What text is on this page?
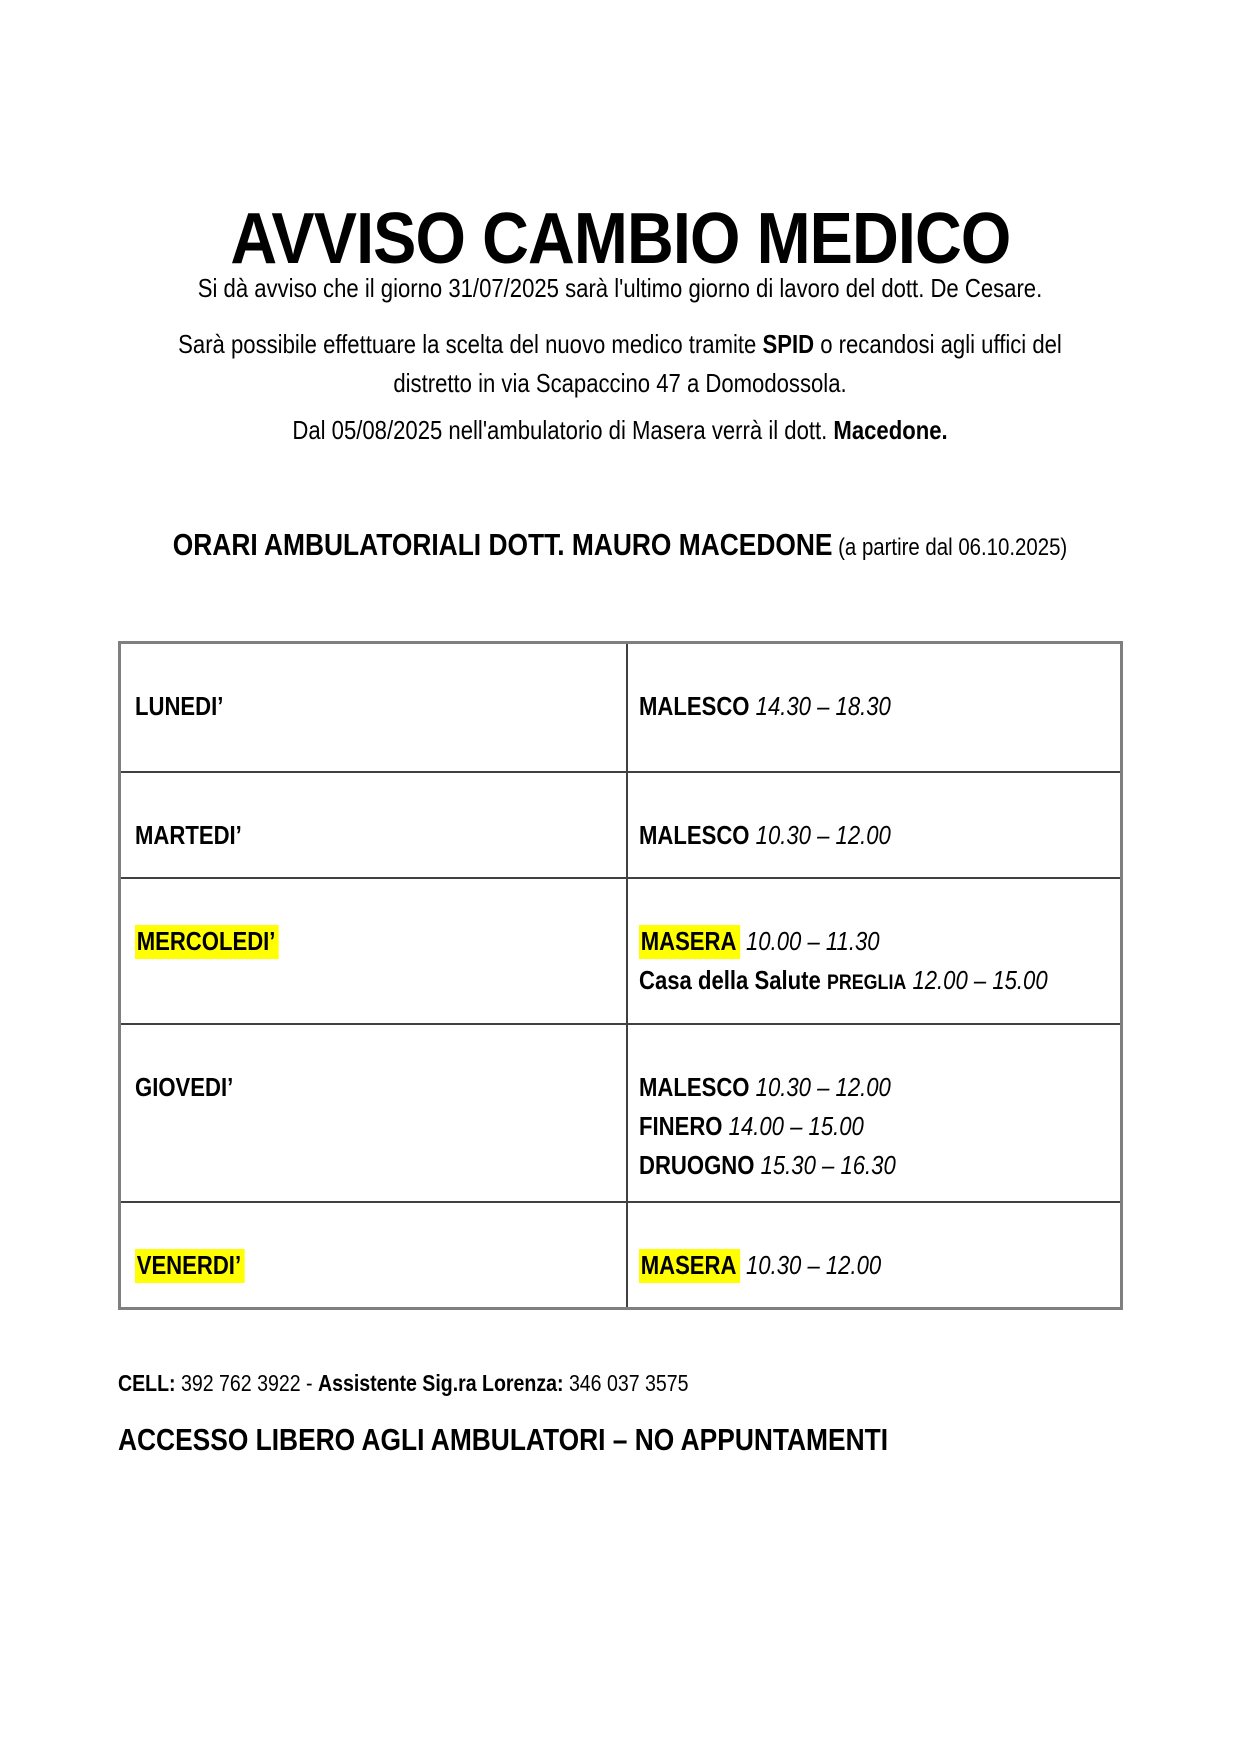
AVVISO CAMBIO MEDICO
Si dà avviso che il giorno 31/07/2025 sarà l'ultimo giorno di lavoro del dott. De Cesare.
Sarà possibile effettuare la scelta del nuovo medico tramite SPID o recandosi agli uffici del
distretto in via Scapaccino 47 a Domodossola.
Dal 05/08/2025 nell'ambulatorio di Masera verrà il dott. Macedone.
ORARI AMBULATORIALI DOTT. MAURO MACEDONE (a partire dal 06.10.2025)
LUNEDI’	MALESCO 14.30 – 18.30

MARTEDI’	MALESCO 10.30 – 12.00

MERCOLEDI’	MASERA 10.00 – 11.30
Casa della Salute PREGLIA 12.00 – 15.00

GIOVEDI’	MALESCO 10.30 – 12.00
FINERO 14.00 – 15.00
DRUOGNO 15.30 – 16.30

VENERDI’	MASERA 10.30 – 12.00
CELL: 392 762 3922 - Assistente Sig.ra Lorenza: 346 037 3575
ACCESSO LIBERO AGLI AMBULATORI – NO APPUNTAMENTI
